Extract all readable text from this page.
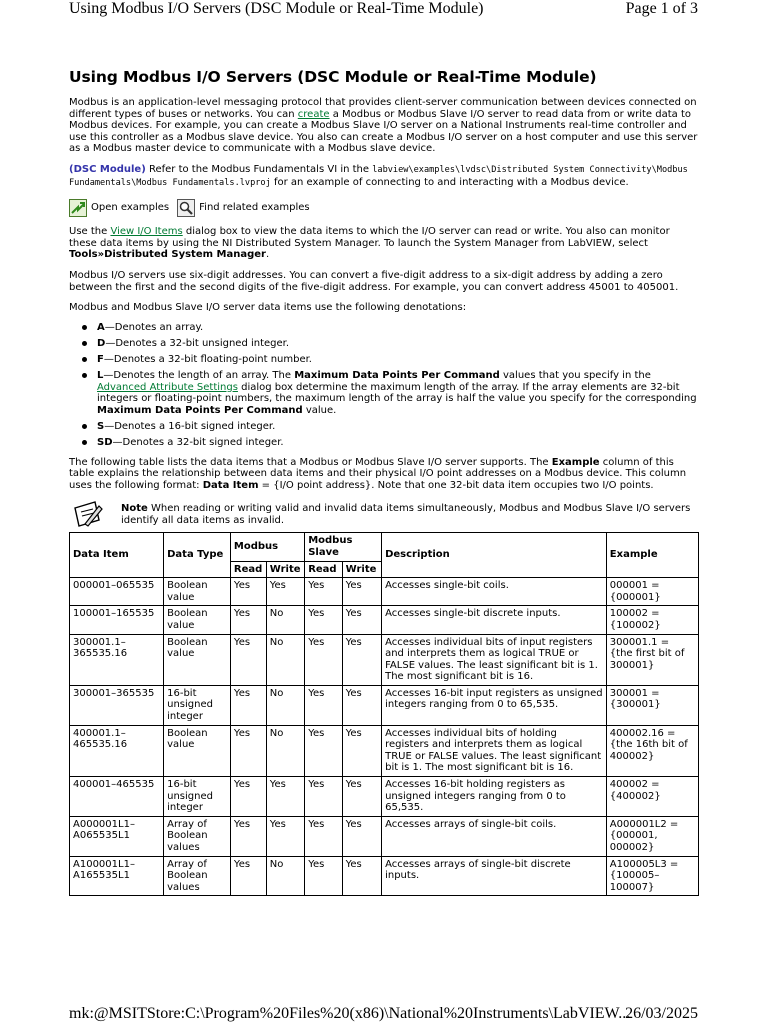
Using Modbus I/O Servers (DSC Module or Real-Time Module)	Page 1 of 3
Using Modbus I/O Servers (DSC Module or Real-Time Module)

Modbus is an application-level messaging protocol that provides client-server communication between devices connected on different types of buses or networks. You can create a Modbus or Modbus Slave I/O server to read data from or write data to Modbus devices. For example, you can create a Modbus Slave I/O server on a National Instruments real-time controller and use this controller as a Modbus slave device. You also can create a Modbus I/O server on a host computer and use this server as a Modbus master device to communicate with a Modbus slave device.

(DSC Module) Refer to the Modbus Fundamentals VI in the labview\examples\lvdsc\Distributed System Connectivity\Modbus Fundamentals\Modbus Fundamentals.lvproj for an example of connecting to and interacting with a Modbus device.

Open examples	Find related examples

Use the View I/O Items dialog box to view the data items to which the I/O server can read or write. You also can monitor these data items by using the NI Distributed System Manager. To launch the System Manager from LabVIEW, select Tools»Distributed System Manager.

Modbus I/O servers use six-digit addresses. You can convert a five-digit address to a six-digit address by adding a zero between the first and the second digits of the five-digit address. For example, you can convert address 45001 to 405001.

Modbus and Modbus Slave I/O server data items use the following denotations:

A—Denotes an array.
D—Denotes a 32-bit unsigned integer.
F—Denotes a 32-bit floating-point number.
L—Denotes the length of an array. The Maximum Data Points Per Command values that you specify in the Advanced Attribute Settings dialog box determine the maximum length of the array. If the array elements are 32-bit integers or floating-point numbers, the maximum length of the array is half the value you specify for the corresponding Maximum Data Points Per Command value.
S—Denotes a 16-bit signed integer.
SD—Denotes a 32-bit signed integer.

The following table lists the data items that a Modbus or Modbus Slave I/O server supports. The Example column of this table explains the relationship between data items and their physical I/O point addresses on a Modbus device. This column uses the following format: Data Item = {I/O point address}. Note that one 32-bit data item occupies two I/O points.

Note When reading or writing valid and invalid data items simultaneously, Modbus and Modbus Slave I/O servers identify all data items as invalid.
Data Item	Data Type	Modbus		Modbus Slave		Description	Example
		Read	Write	Read	Write		
000001–065535	Boolean value	Yes	Yes	Yes	Yes	Accesses single-bit coils.	000001 = {000001}
100001–165535	Boolean value	Yes	No	Yes	Yes	Accesses single-bit discrete inputs.	100002 = {100002}
300001.1–365535.16	Boolean value	Yes	No	Yes	Yes	Accesses individual bits of input registers and interprets them as logical TRUE or FALSE values. The least significant bit is 1. The most significant bit is 16.	300001.1 = {the first bit of 300001}
300001–365535	16-bit unsigned integer	Yes	No	Yes	Yes	Accesses 16-bit input registers as unsigned integers ranging from 0 to 65,535.	300001 = {300001}
400001.1–465535.16	Boolean value	Yes	No	Yes	Yes	Accesses individual bits of holding registers and interprets them as logical TRUE or FALSE values. The least significant bit is 1. The most significant bit is 16.	400002.16 = {the 16th bit of 400002}
400001–465535	16-bit unsigned integer	Yes	Yes	Yes	Yes	Accesses 16-bit holding registers as unsigned integers ranging from 0 to 65,535.	400002 = {400002}
A000001L1–A065535L1	Array of Boolean values	Yes	Yes	Yes	Yes	Accesses arrays of single-bit coils.	A000001L2 = {000001, 000002}
A100001L1–A165535L1	Array of Boolean values	Yes	No	Yes	Yes	Accesses arrays of single-bit discrete inputs.	A100005L3 = {100005–100007}
mk:@MSITStore:C:\Program%20Files%20(x86)\National%20Instruments\LabVIEW...
26/03/2025
